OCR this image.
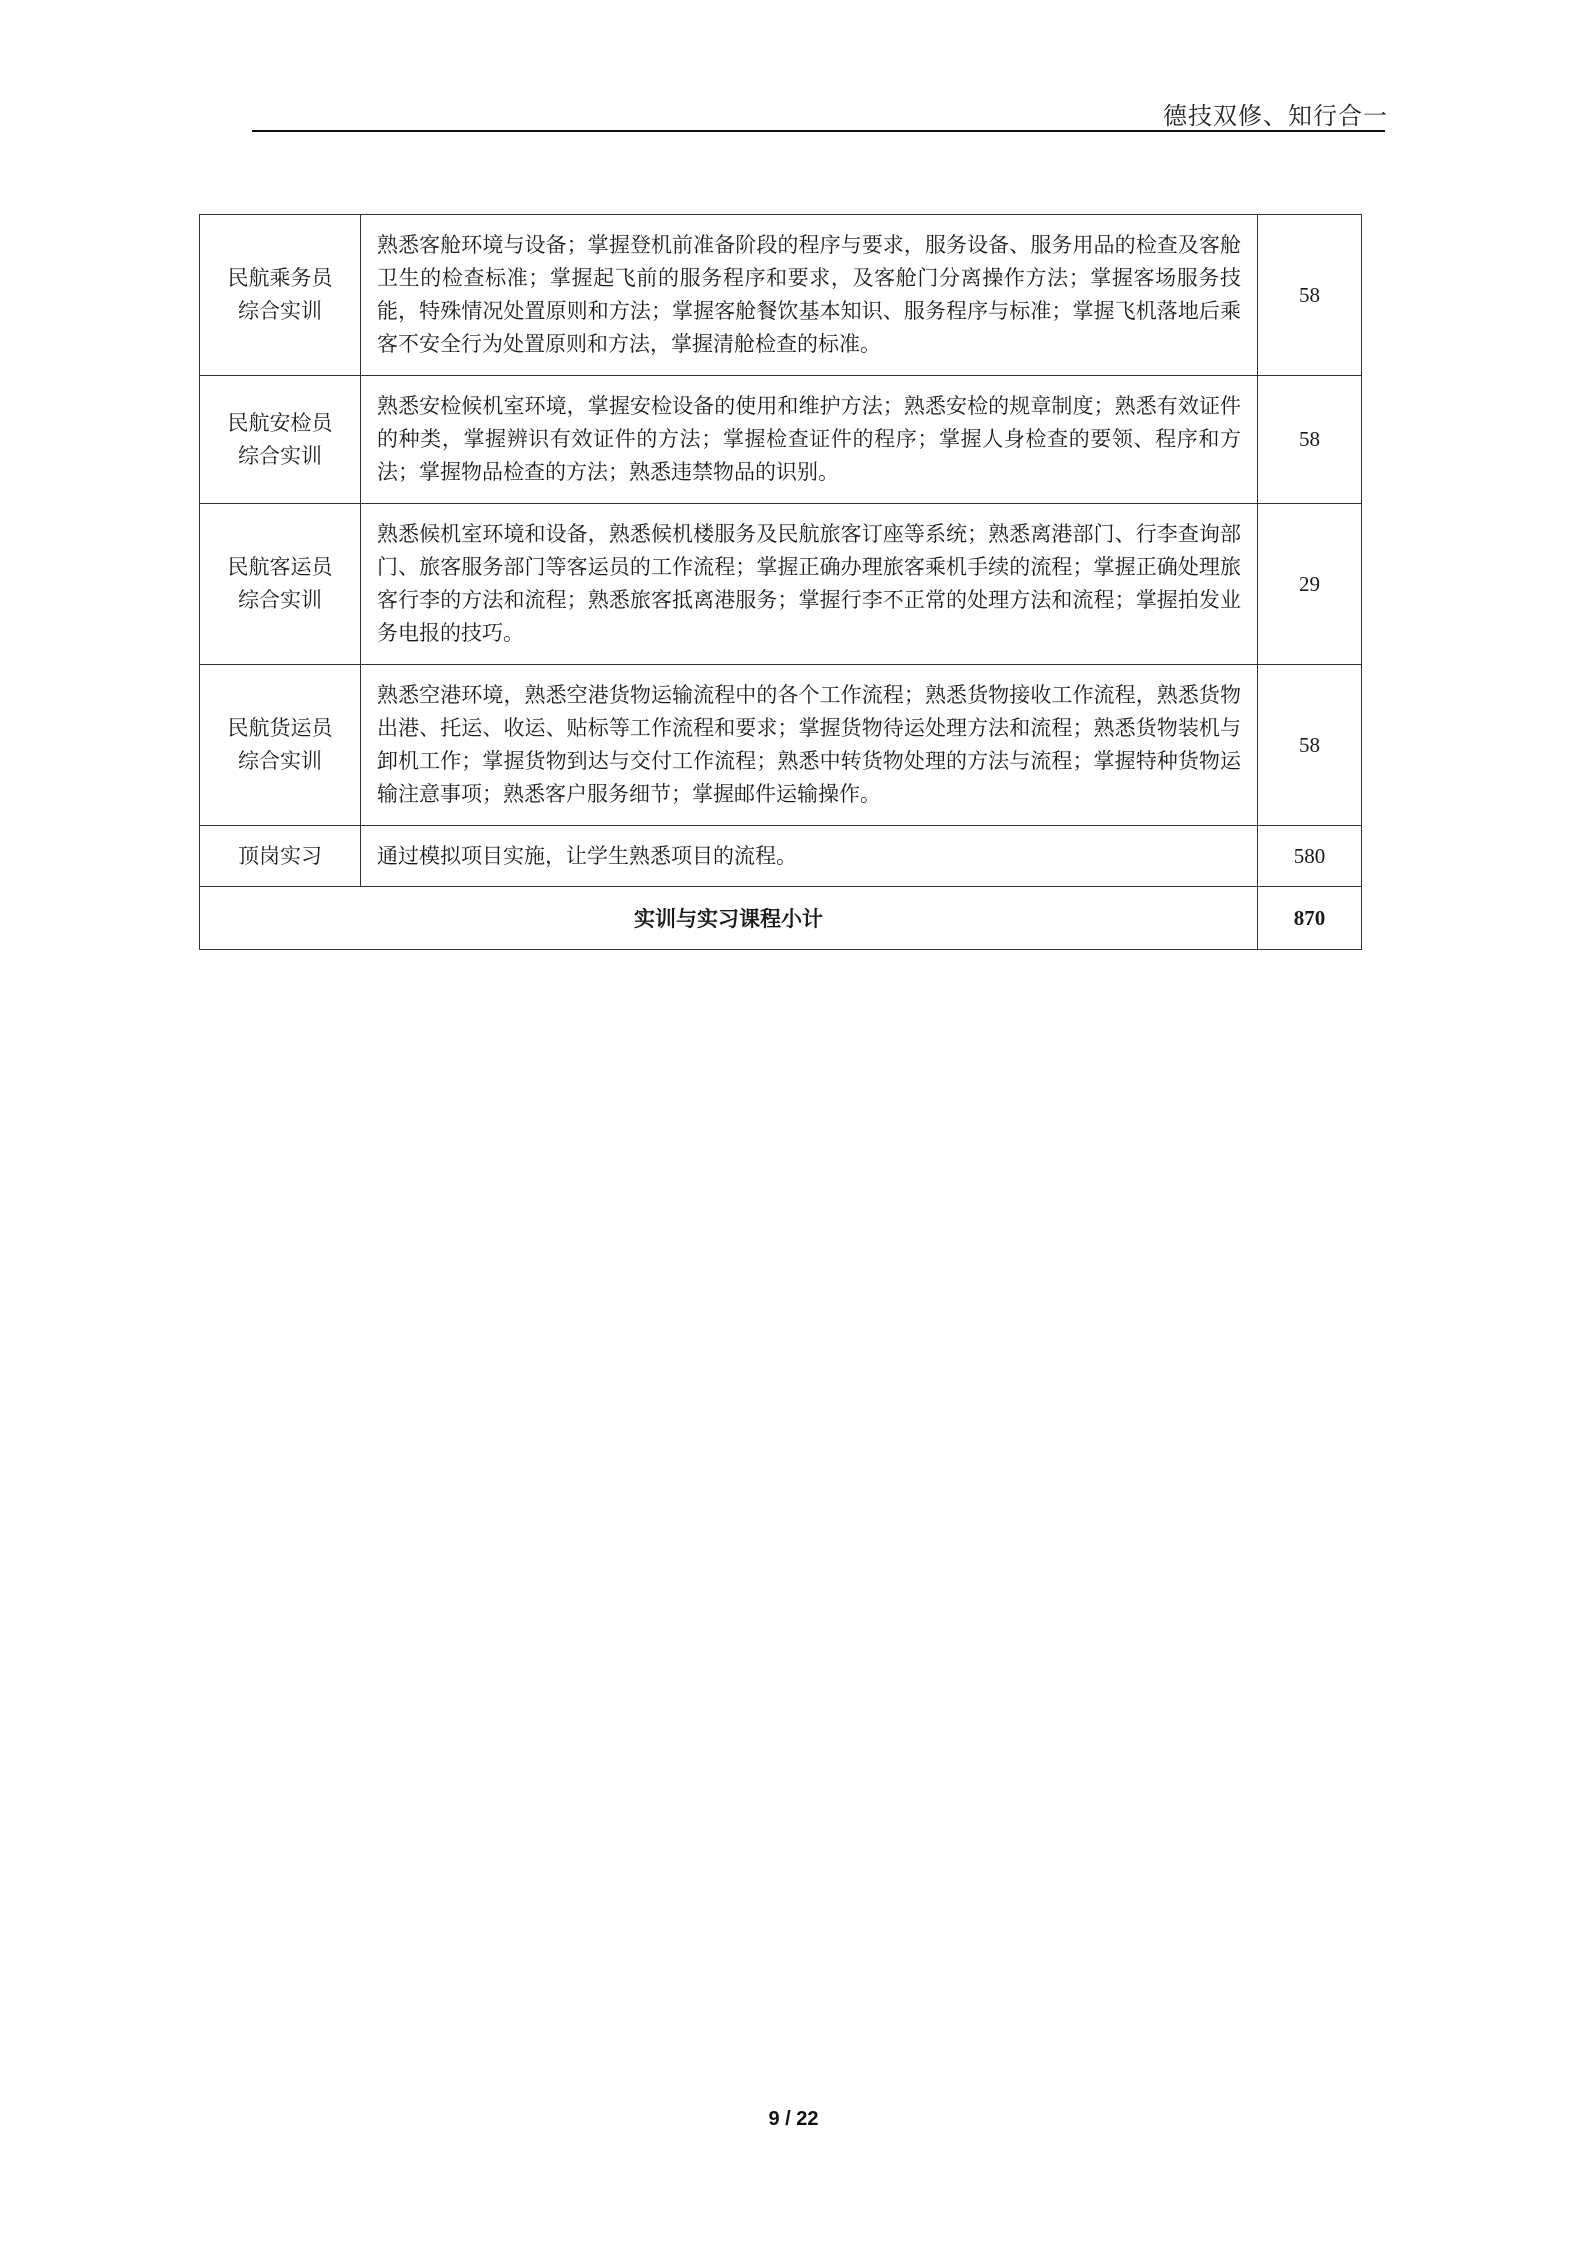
德技双修、知行合一
民航乘务员
综合实训	熟悉客舱环境与设备；掌握登机前准备阶段的程序与要求，服务设备、服务用品的检查及客舱卫生的检查标准；掌握起飞前的服务程序和要求，及客舱门分离操作方法；掌握客场服务技能，特殊情况处置原则和方法；掌握客舱餐饮基本知识、服务程序与标准；掌握飞机落地后乘客不安全行为处置原则和方法，掌握清舱检查的标准。	58

民航安检员
综合实训	熟悉安检候机室环境，掌握安检设备的使用和维护方法；熟悉安检的规章制度；熟悉有效证件的种类，掌握辨识有效证件的方法；掌握检查证件的程序；掌握人身检查的要领、程序和方法；掌握物品检查的方法；熟悉违禁物品的识别。	58

民航客运员
综合实训	熟悉候机室环境和设备，熟悉候机楼服务及民航旅客订座等系统；熟悉离港部门、行李查询部门、旅客服务部门等客运员的工作流程；掌握正确办理旅客乘机手续的流程；掌握正确处理旅客行李的方法和流程；熟悉旅客抵离港服务；掌握行李不正常的处理方法和流程；掌握拍发业务电报的技巧。	29

民航货运员
综合实训	熟悉空港环境，熟悉空港货物运输流程中的各个工作流程；熟悉货物接收工作流程，熟悉货物出港、托运、收运、贴标等工作流程和要求；掌握货物待运处理方法和流程；熟悉货物装机与卸机工作；掌握货物到达与交付工作流程；熟悉中转货物处理的方法与流程；掌握特种货物运输注意事项；熟悉客户服务细节；掌握邮件运输操作。	58

顶岗实习	通过模拟项目实施，让学生熟悉项目的流程。	580
实训与实习课程小计		870
9 / 22
